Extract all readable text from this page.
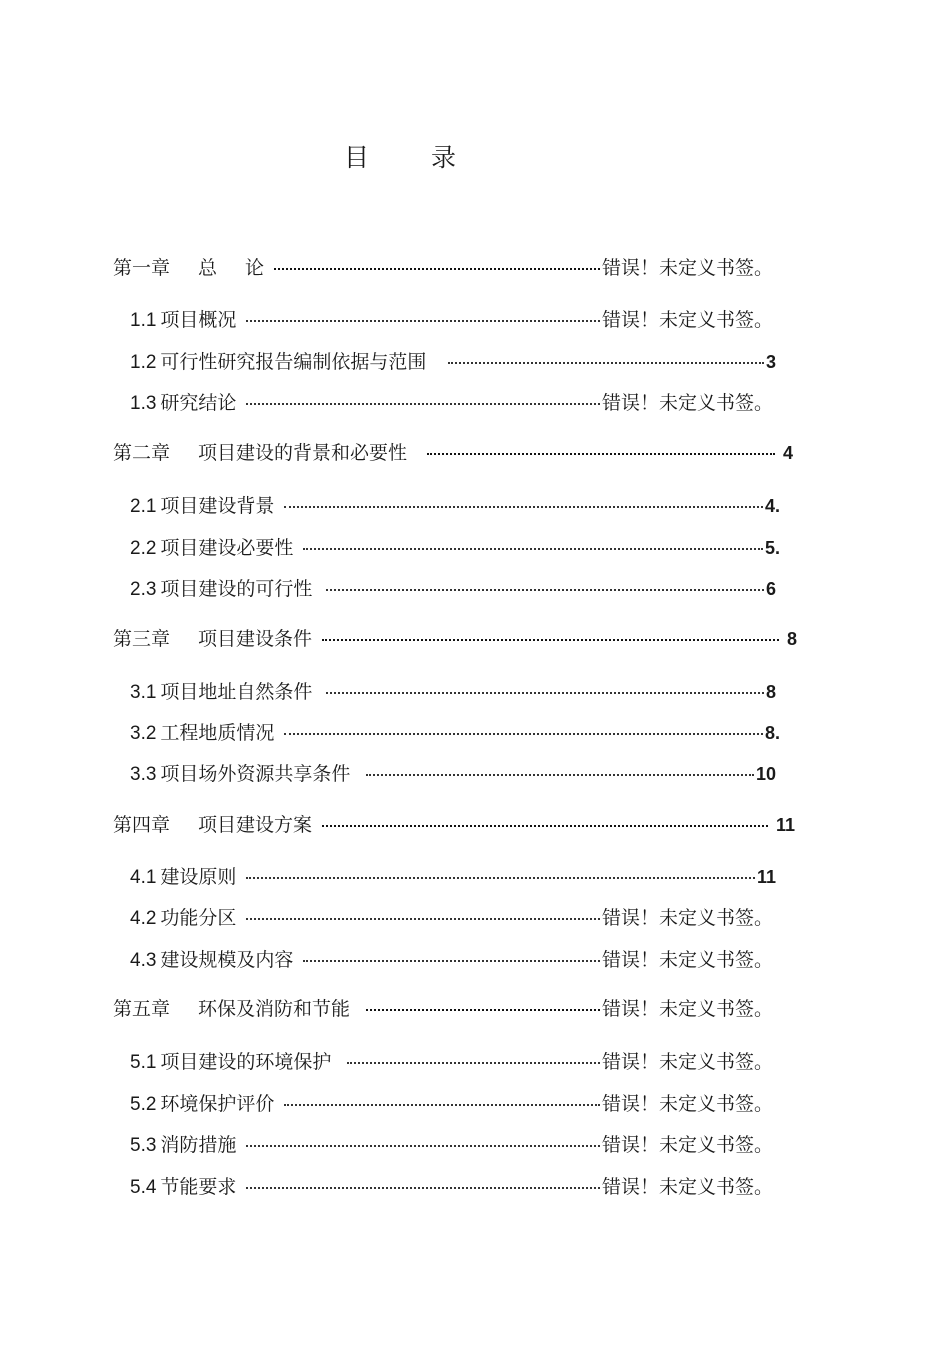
目 录
第一章 总 论	错误！未定义书签。
1.1 项目概况	错误！未定义书签。
1.2 可行性研究报告编制依据与范围	3
1.3 研究结论	错误！未定义书签。
第二章 项目建设的背景和必要性	4
2.1 项目建设背景	4.
2.2 项目建设必要性	5.
2.3 项目建设的可行性	6
第三章 项目建设条件	8
3.1 项目地址自然条件	8
3.2 工程地质情况	8.
3.3 项目场外资源共享条件	10
第四章 项目建设方案	11
4.1 建设原则	11
4.2 功能分区	错误！未定义书签。
4.3 建设规模及内容	错误！未定义书签。
第五章 环保及消防和节能	错误！未定义书签。
5.1 项目建设的环境保护	错误！未定义书签。
5.2 环境保护评价	错误！未定义书签。
5.3 消防措施	错误！未定义书签。
5.4 节能要求	错误！未定义书签。
